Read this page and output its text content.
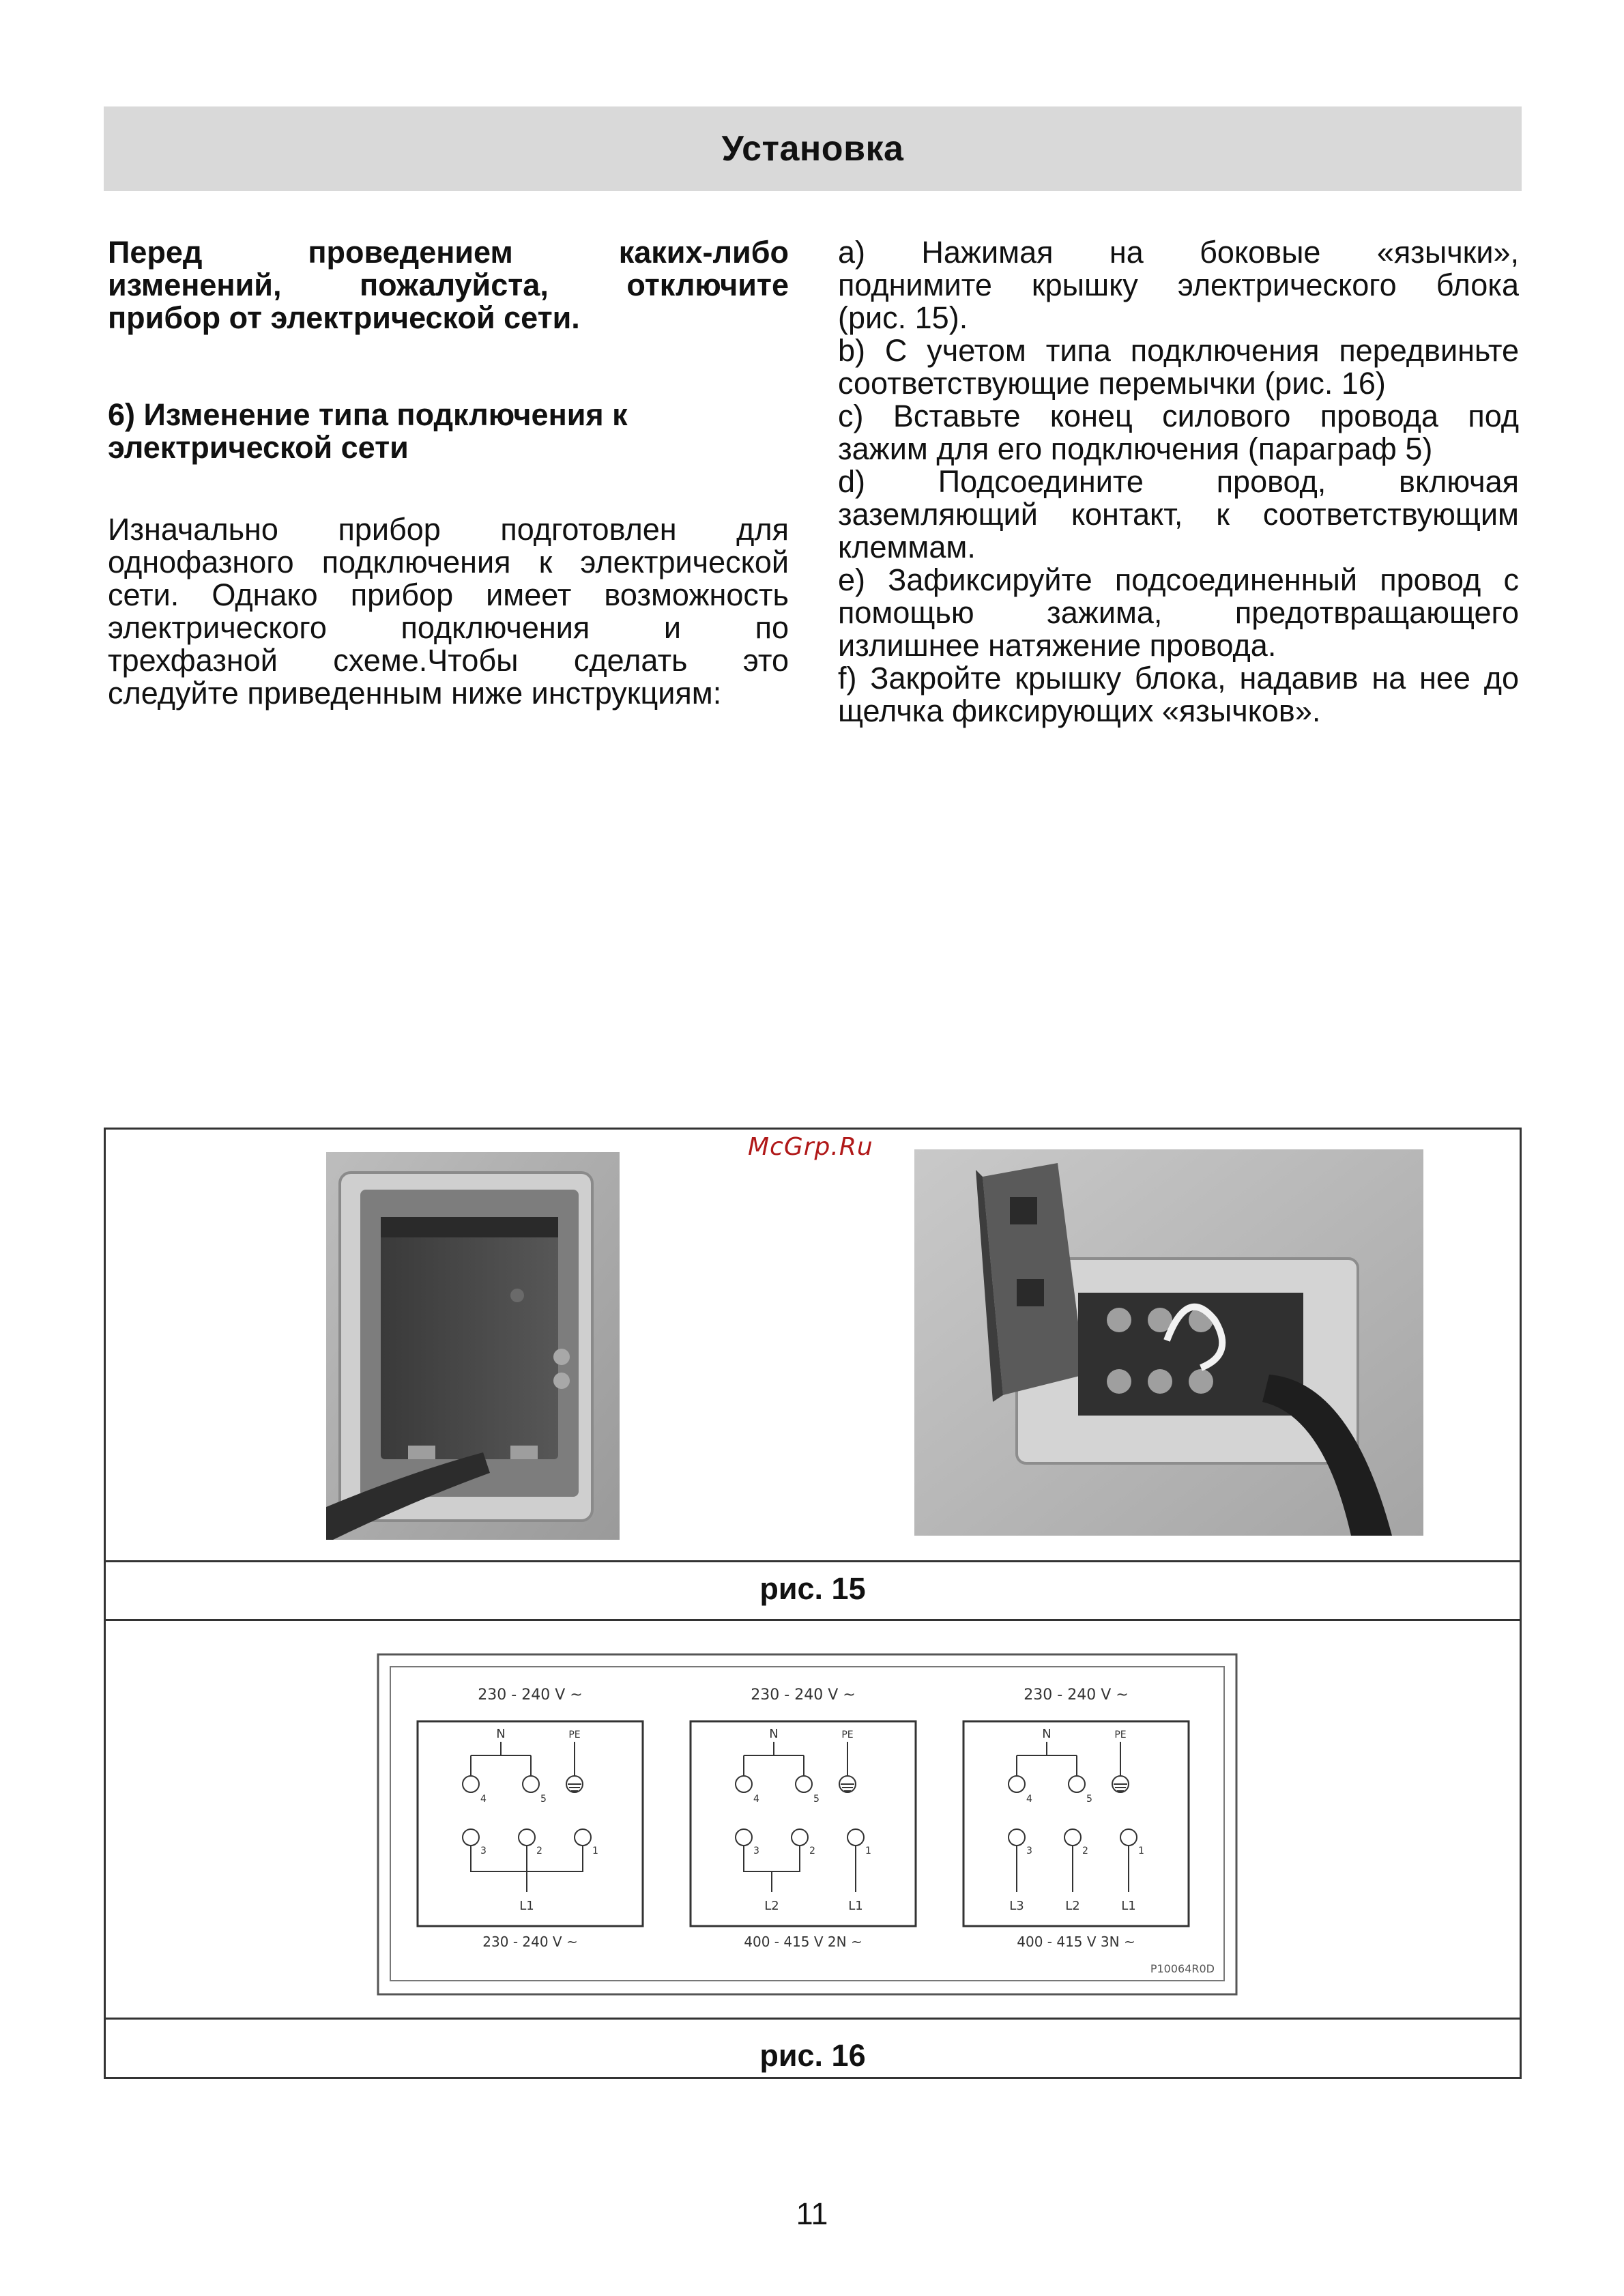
Установка

Перед проведением каких-либо

изменений, пожалуйста, отключите

прибор от электрической сети.

6) Изменение типа подключения к

электрической сети

Изначально прибор подготовлен для

однофазного подключения к электрической

сети. Однако прибор имеет возможность

электрического подключения и по

трехфазной схеме.Чтобы сделать это

следуйте приведенным ниже инструкциям:

a) Нажимая на боковые «язычки»,

поднимите крышку электрического блока

(рис. 15).

b) С учетом типа подключения передвиньте

соответствующие перемычки (рис. 16)

c) Вставьте конец силового провода под

зажим для его подключения (параграф 5)

d) Подсоедините провод, включая

заземляющий контакт, к соответствующим

клеммам.

e) Зафиксируйте подсоединенный провод с

помощью зажима, предотвращающего

излишнее натяжение провода.

f) Закройте крышку блока, надавив на нее до

щелчка фиксирующих «язычков».

McGrp.Ru
рис. 15
230 - 240 V ~
N	PE
4	5
3	2	1
L1
230 - 240 V ~
230 - 240 V ~
N	PE
4	5
3	2	1
L2	L1
400 - 415 V 2N ~
230 - 240 V ~
N	PE
4	5
3	2	1
L3	L2	L1
400 - 415 V 3N ~
P10064R0D
рис. 16
11
